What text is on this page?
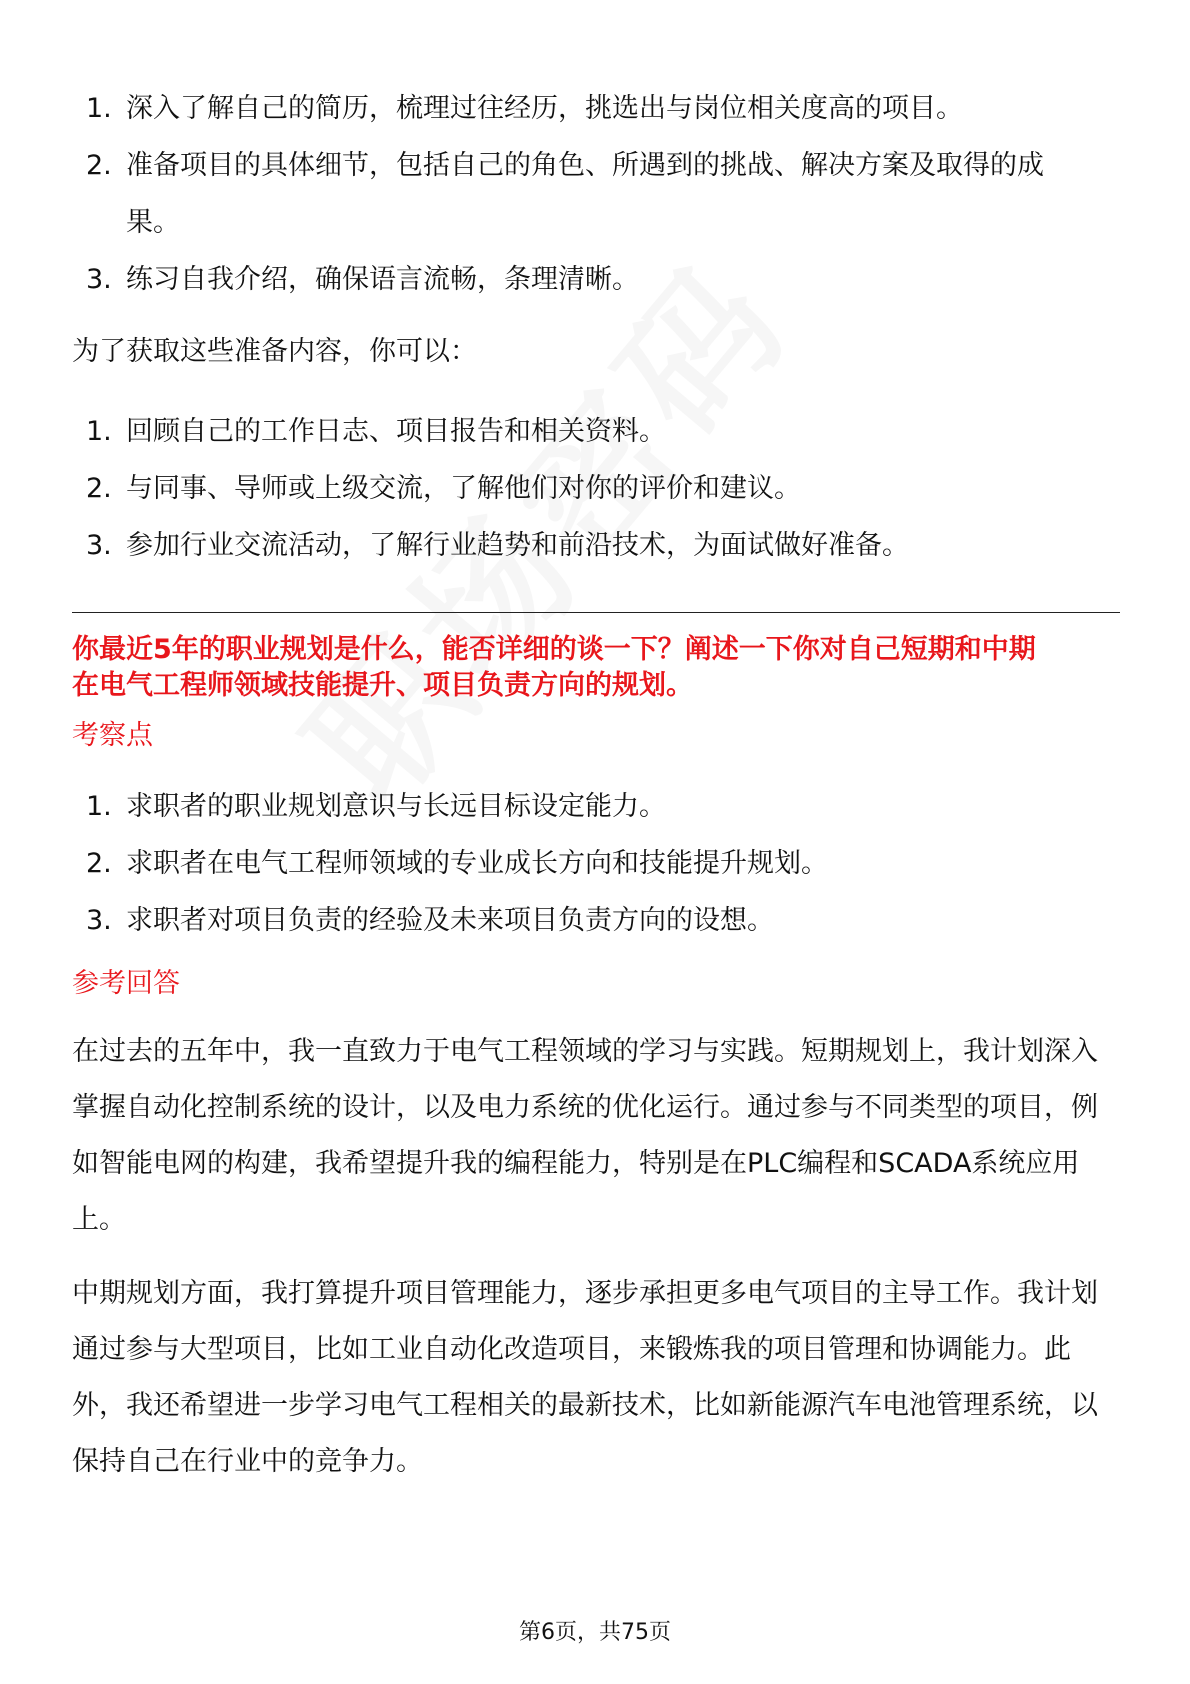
1. 深入了解自己的简历，梳理过往经历，挑选出与岗位相关度高的项目。
2. 准备项目的具体细节，包括自己的角色、所遇到的挑战、解决方案及取得的成果。
3. 练习自我介绍，确保语言流畅，条理清晰。

为了获取这些准备内容，你可以：

1. 回顾自己的工作日志、项目报告和相关资料。
2. 与同事、导师或上级交流，了解他们对你的评价和建议。
3. 参加行业交流活动，了解行业趋势和前沿技术，为面试做好准备。

你最近5年的职业规划是什么，能否详细的谈一下？阐述一下你对自己短期和中期

在电气工程师领域技能提升、项目负责方向的规划。

考察点

1. 求职者的职业规划意识与长远目标设定能力。
2. 求职者在电气工程师领域的专业成长方向和技能提升规划。
3. 求职者对项目负责的经验及未来项目负责方向的设想。

参考回答

在过去的五年中，我一直致力于电气工程领域的学习与实践。短期规划上，我计划深入掌握自动化控制系统的设计，以及电力系统的优化运行。通过参与不同类型的项目，例如智能电网的构建，我希望提升我的编程能力，特别是在PLC编程和SCADA系统应用上。

中期规划方面，我打算提升项目管理能力，逐步承担更多电气项目的主导工作。我计划通过参与大型项目，比如工业自动化改造项目，来锻炼我的项目管理和协调能力。此外，我还希望进一步学习电气工程相关的最新技术，比如新能源汽车电池管理系统，以保持自己在行业中的竞争力。

第6页，共75页
